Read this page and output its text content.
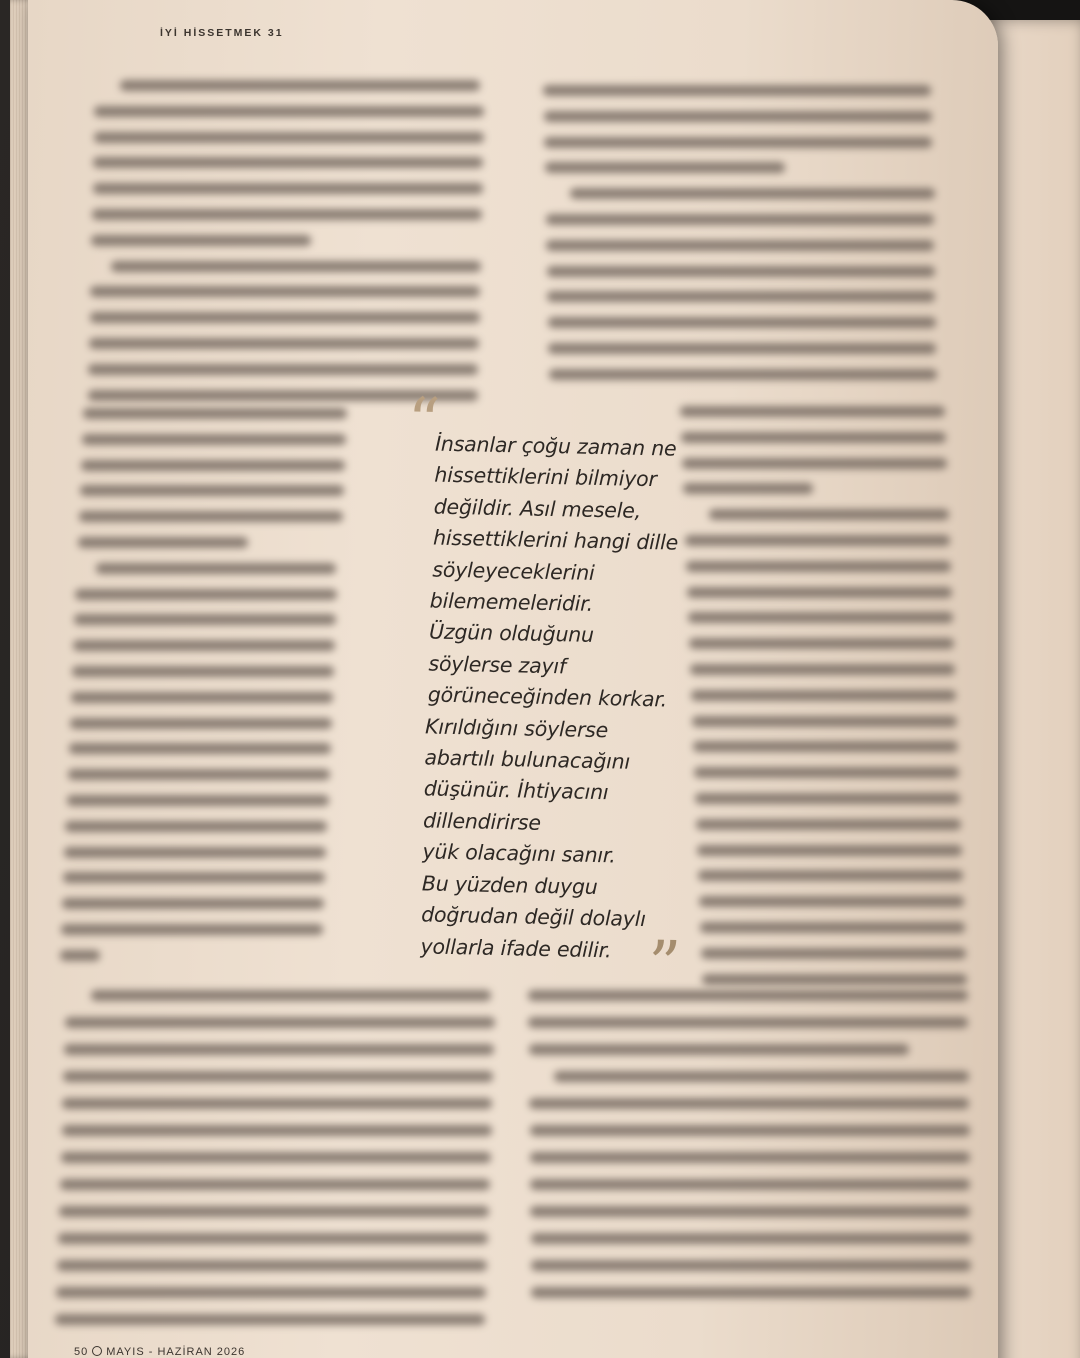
İYİ HİSSETMEK 31
“
İnsanlar çoğu zaman ne
hissettiklerini bilmiyor
değildir. Asıl mesele,
hissettiklerini hangi dille
söyleyeceklerini
bilememeleridir.
Üzgün olduğunu
söylerse zayıf
görüneceğinden korkar.
Kırıldığını söylerse
abartılı bulunacağını
düşünür. İhtiyacını
dillendirirse
yük olacağını sanır.
Bu yüzden duygu
doğrudan değil dolaylı
yollarla ifade edilir. ”
50 MAYIS - HAZİRAN 2026
